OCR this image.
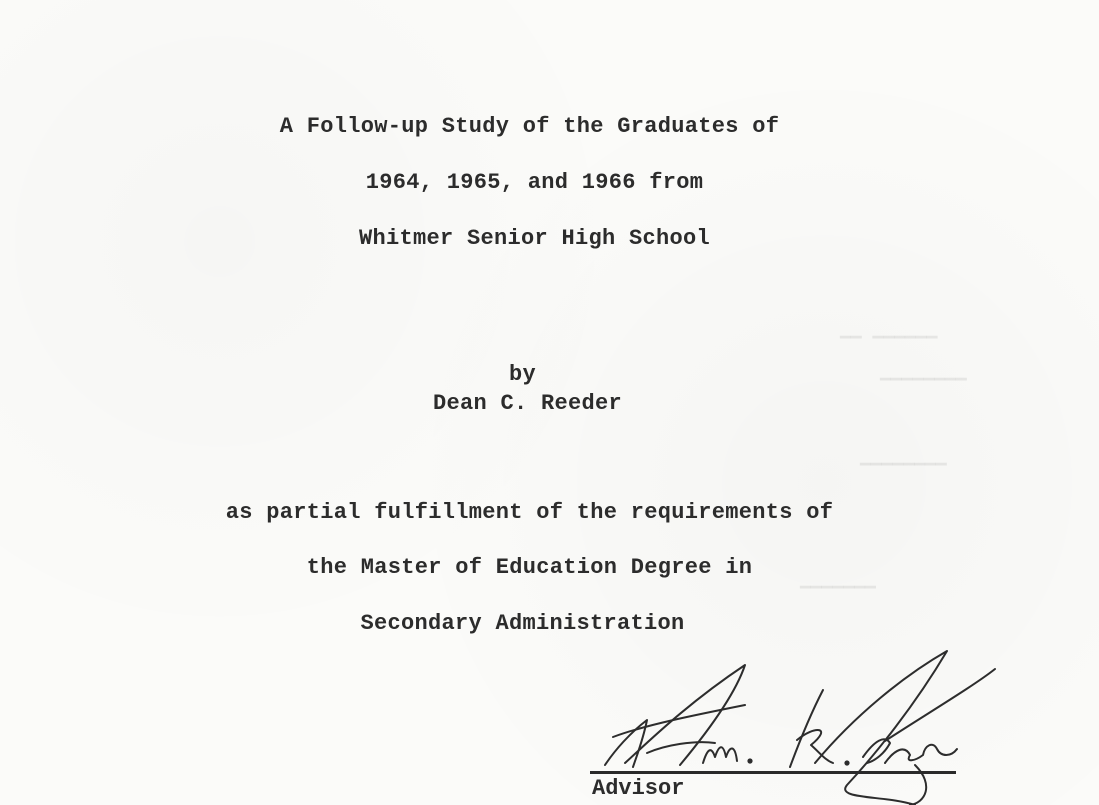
▁▁ ▁▁▁▁▁▁
▁▁▁▁▁▁▁▁
▁▁▁▁▁▁▁▁
▁▁▁▁▁▁▁
A Follow-up Study of the Graduates of
1964, 1965, and 1966 from
Whitmer Senior High School
by
Dean C. Reeder
as partial fulfillment of the requirements of
the Master of Education Degree in
Secondary Administration
Advisor
